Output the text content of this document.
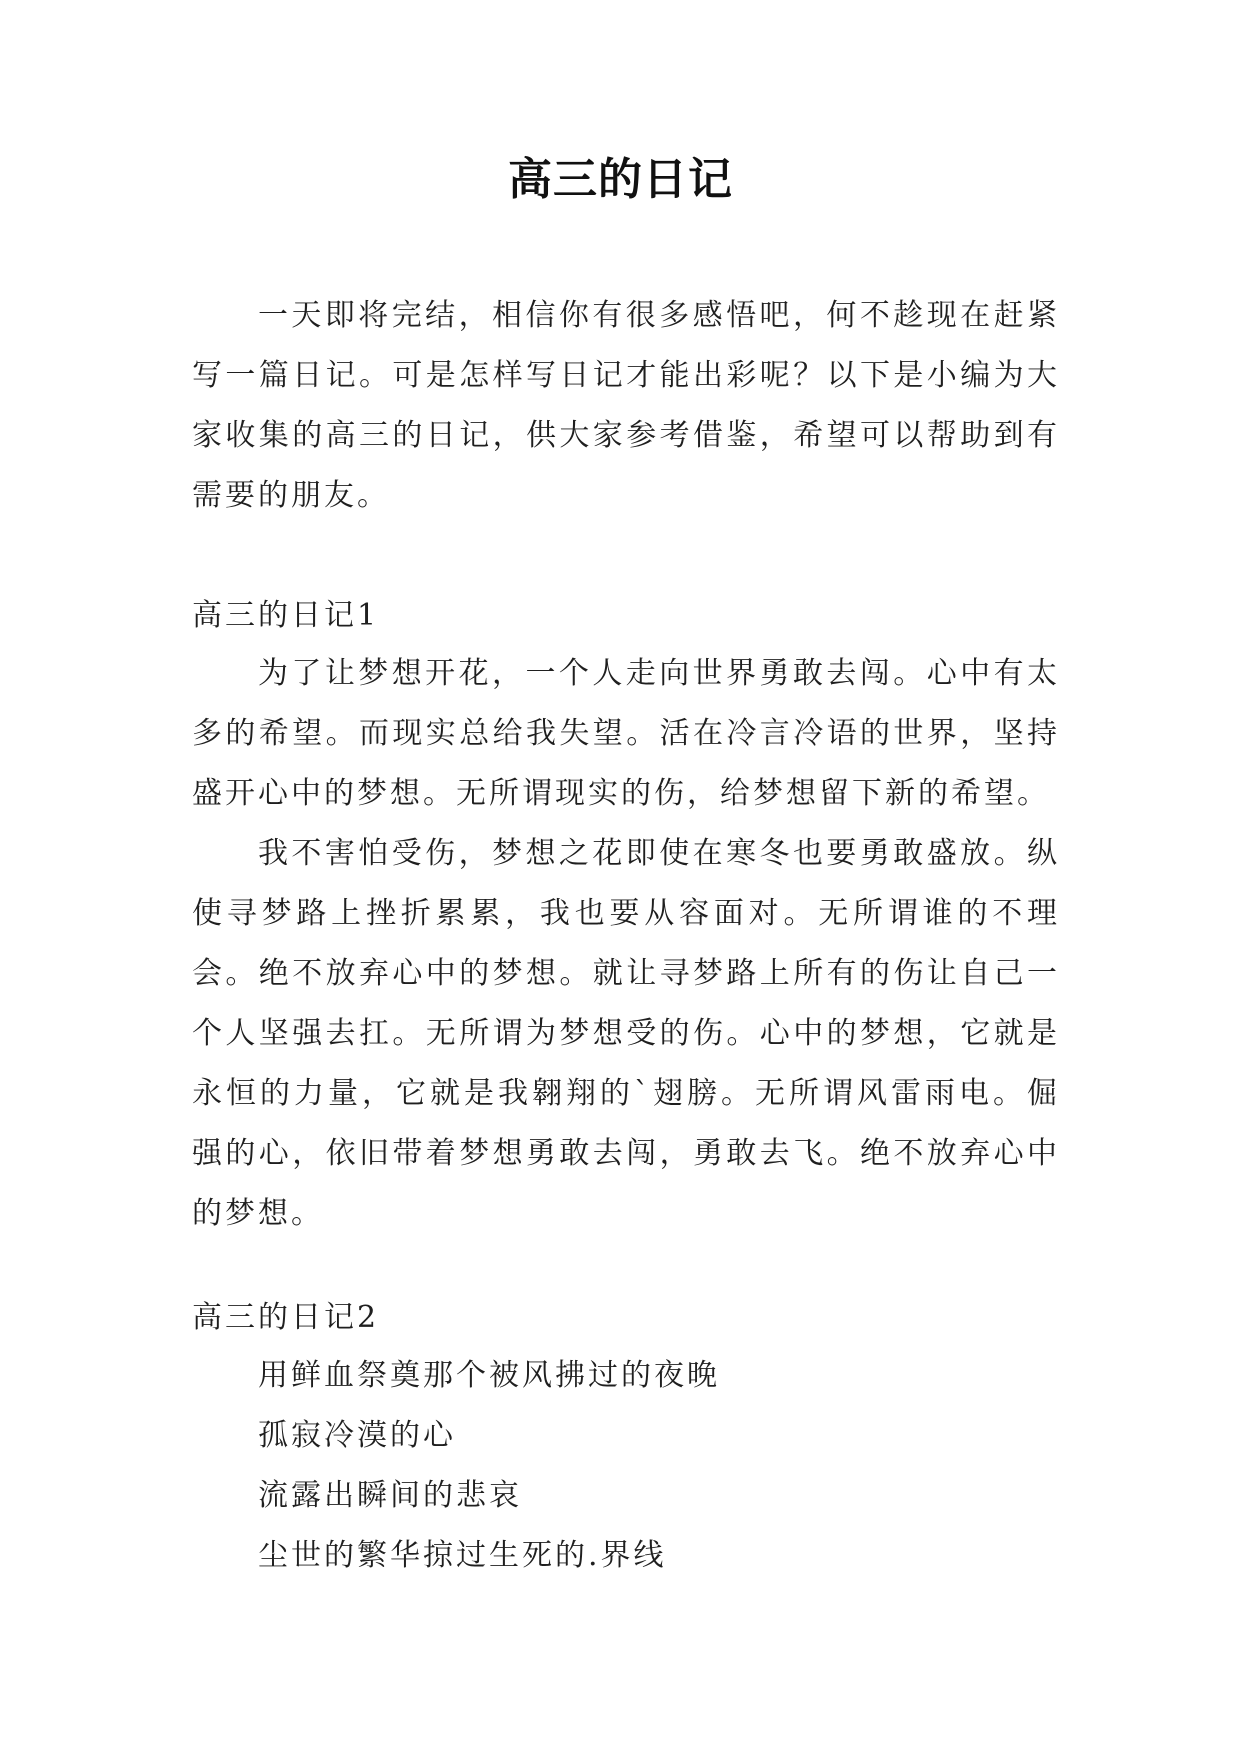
高三的日记

一天即将完结，相信你有很多感悟吧，何不趁现在赶紧写一篇日记。可是怎样写日记才能出彩呢？以下是小编为大家收集的高三的日记，供大家参考借鉴，希望可以帮助到有需要的朋友。

高三的日记1

为了让梦想开花，一个人走向世界勇敢去闯。心中有太多的希望。而现实总给我失望。活在冷言冷语的世界，坚持盛开心中的梦想。无所谓现实的伤，给梦想留下新的希望。

我不害怕受伤，梦想之花即使在寒冬也要勇敢盛放。纵使寻梦路上挫折累累，我也要从容面对。无所谓谁的不理会。绝不放弃心中的梦想。就让寻梦路上所有的伤让自己一个人坚强去扛。无所谓为梦想受的伤。心中的梦想，它就是永恒的力量，它就是我翱翔的`翅膀。无所谓风雷雨电。倔强的心，依旧带着梦想勇敢去闯，勇敢去飞。绝不放弃心中的梦想。

高三的日记2

用鲜血祭奠那个被风拂过的夜晚

孤寂冷漠的心

流露出瞬间的悲哀

尘世的繁华掠过生死的.界线
